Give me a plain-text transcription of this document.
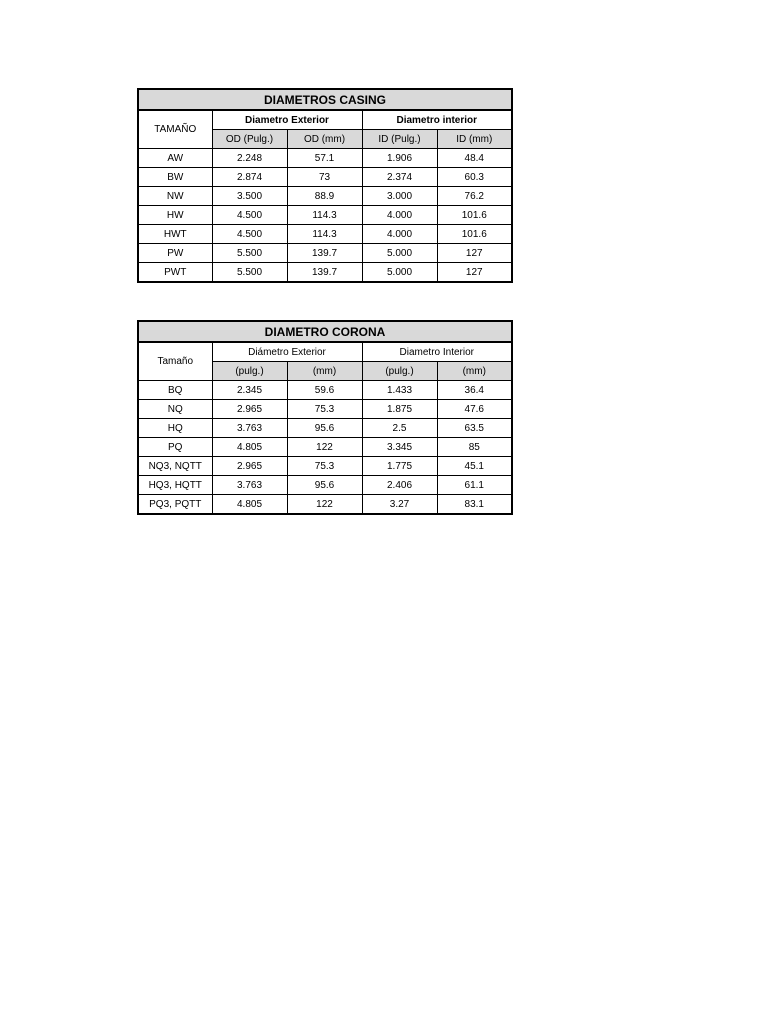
DIAMETROS CASING				
TAMAÑO	Diametro Exterior		Diametro interior	
	OD (Pulg.)	OD (mm)	ID (Pulg.)	ID (mm)
AW	2.248	57.1	1.906	48.4
BW	2.874	73	2.374	60.3
NW	3.500	88.9	3.000	76.2
HW	4.500	114.3	4.000	101.6
HWT	4.500	114.3	4.000	101.6
PW	5.500	139.7	5.000	127
PWT	5.500	139.7	5.000	127
DIAMETRO CORONA				
Tamaño	Diámetro Exterior		Diametro Interior	
	(pulg.)	(mm)	(pulg.)	(mm)
BQ	2.345	59.6	1.433	36.4
NQ	2.965	75.3	1.875	47.6
HQ	3.763	95.6	2.5	63.5
PQ	4.805	122	3.345	85
NQ3, NQTT	2.965	75.3	1.775	45.1
HQ3, HQTT	3.763	95.6	2.406	61.1
PQ3, PQTT	4.805	122	3.27	83.1
